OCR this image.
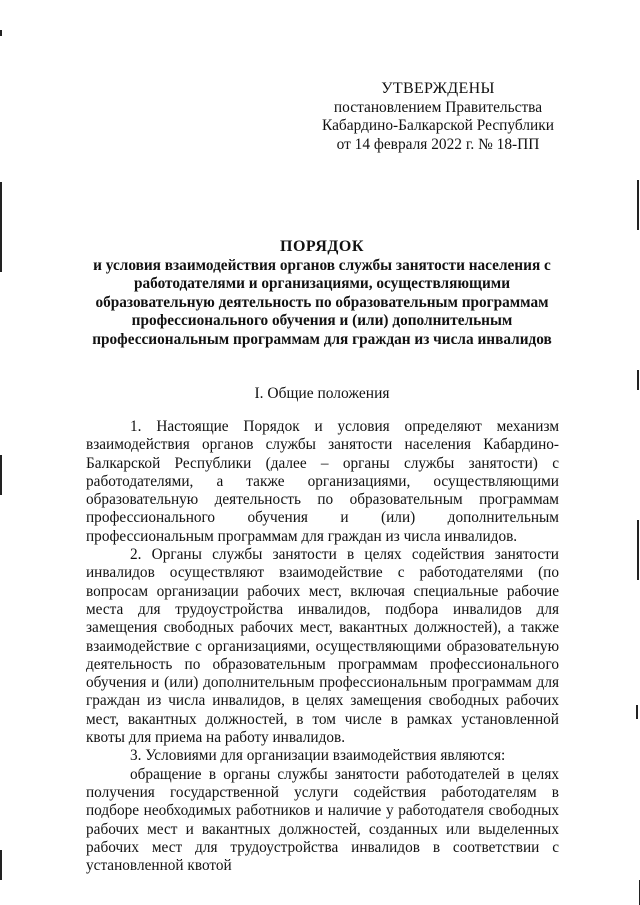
УТВЕРЖДЕНЫ
постановлением Правительства
Кабардино-Балкарской Республики
от 14 февраля 2022 г. № 18-ПП
ПОРЯДОК
и условия взаимодействия органов службы занятости населения с работодателями и организациями, осуществляющими образовательную деятельность по образовательным программам профессионального обучения и (или) дополнительным профессиональным программам для граждан из числа инвалидов
I. Общие положения

1. Настоящие Порядок и условия определяют механизм взаимодействия органов службы занятости населения Кабардино-Балкарской Республики (далее – органы службы занятости) с работодателями, а также организациями, осуществляющими образовательную деятельность по образовательным программам профессионального обучения и (или) дополнительным профессиональным программам для граждан из числа инвалидов.

2. Органы службы занятости в целях содействия занятости инвалидов осуществляют взаимодействие с работодателями (по вопросам организации рабочих мест, включая специальные рабочие места для трудоустройства инвалидов, подбора инвалидов для замещения свободных рабочих мест, вакантных должностей), а также взаимодействие с организациями, осуществляющими образовательную деятельность по образовательным программам профессионального обучения и (или) дополнительным профессиональным программам для граждан из числа инвалидов, в целях замещения свободных рабочих мест, вакантных должностей, в том числе в рамках установленной квоты для приема на работу инвалидов.

3. Условиями для организации взаимодействия являются:

обращение в органы службы занятости работодателей в целях получения государственной услуги содействия работодателям в подборе необходимых работников и наличие у работодателя свободных рабочих мест и вакантных должностей, созданных или выделенных рабочих мест для трудоустройства инвалидов в соответствии с установленной квотой
